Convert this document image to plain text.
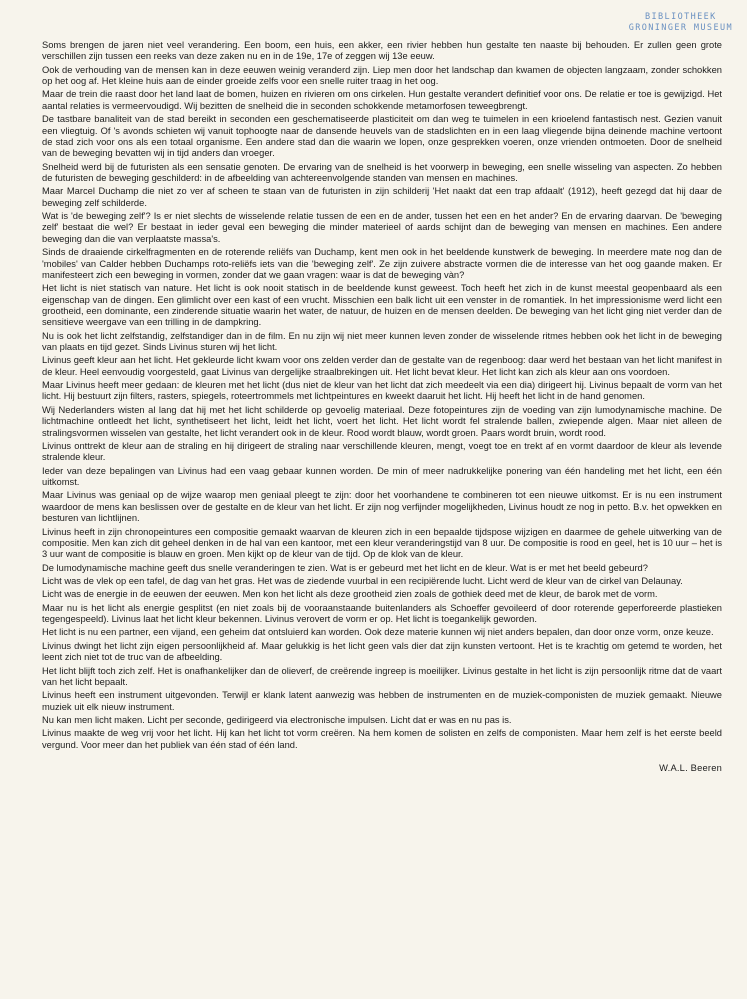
BIBLIOTHEEK
GRONINGER MUSEUM

Soms brengen de jaren niet veel verandering. Een boom, een huis, een akker, een rivier hebben hun gestalte ten naaste bij behouden. Er zullen geen grote verschillen zijn tussen een reeks van deze zaken nu en in de 19e, 17e of zeggen wij 13e eeuw.

Ook de verhouding van de mensen kan in deze eeuwen weinig veranderd zijn. Liep men door het landschap dan kwamen de objecten langzaam, zonder schokken op het oog af. Het kleine huis aan de einder groeide zelfs voor een snelle ruiter traag in het oog.

Maar de trein die raast door het land laat de bomen, huizen en rivieren om ons cirkelen. Hun gestalte verandert definitief voor ons. De relatie er toe is gewijzigd. Het aantal relaties is vermeervoudigd. Wij bezitten de snelheid die in seconden schokkende metamorfosen teweegbrengt.

De tastbare banaliteit van de stad bereikt in seconden een geschematiseerde plasticiteit om dan weg te tuimelen in een krioelend fantastisch nest. Gezien vanuit een vliegtuig. Of 's avonds schieten wij vanuit tophoogte naar de dansende heuvels van de stadslichten en in een laag vliegende bijna deinende machine vertoont de stad zich voor ons als een totaal organisme. Een andere stad dan die waarin we lopen, onze gesprekken voeren, onze vrienden ontmoeten. Door de snelheid van de beweging bevatten wij in tijd anders dan vroeger.

Snelheid werd bij de futuristen als een sensatie genoten. De ervaring van de snelheid is het voorwerp in beweging, een snelle wisseling van aspecten. Zo hebben de futuristen de beweging geschilderd: in de afbeelding van achtereenvolgende standen van mensen en machines.

Maar Marcel Duchamp die niet zo ver af scheen te staan van de futuristen in zijn schilderij 'Het naakt dat een trap afdaalt' (1912), heeft gezegd dat hij daar de beweging zelf schilderde.

Wat is 'de beweging zelf'? Is er niet slechts de wisselende relatie tussen de een en de ander, tussen het een en het ander? En de ervaring daarvan. De 'beweging zelf' bestaat die wel? Er bestaat in ieder geval een beweging die minder materieel of aards schijnt dan de beweging van mensen en machines. Een andere beweging dan die van verplaatste massa's.

Sinds de draaiende cirkelfragmenten en de roterende reliëfs van Duchamp, kent men ook in het beeldende kunstwerk de beweging. In meerdere mate nog dan de 'mobiles' van Calder hebben Duchamps roto-reliëfs iets van die 'beweging zelf'. Ze zijn zuivere abstracte vormen die de interesse van het oog gaande maken. Er manifesteert zich een beweging in vormen, zonder dat we gaan vragen: waar is dat de beweging vàn?

Het licht is niet statisch van nature. Het licht is ook nooit statisch in de beeldende kunst geweest. Toch heeft het zich in de kunst meestal geopenbaard als een eigenschap van de dingen. Een glimlicht over een kast of een vrucht. Misschien een balk licht uit een venster in de romantiek. In het impressionisme werd licht een grootheid, een dominante, een zinderende situatie waarin het water, de natuur, de huizen en de mensen deelden. De beweging van het licht ging niet verder dan de sensitieve weergave van een trilling in de dampkring.

Nu is ook het licht zelfstandig, zelfstandiger dan in de film. En nu zijn wij niet meer kunnen leven zonder de wisselende ritmes hebben ook het licht in de beweging van plaats en tijd gezet. Sinds Livinus sturen wij het licht.

Livinus geeft kleur aan het licht. Het gekleurde licht kwam voor ons zelden verder dan de gestalte van de regenboog: daar werd het bestaan van het licht manifest in de kleur. Heel eenvoudig voorgesteld, gaat Livinus van dergelijke straalbrekingen uit. Het licht bevat kleur. Het licht kan zich als kleur aan ons voordoen.

Maar Livinus heeft meer gedaan: de kleuren met het licht (dus niet de kleur van het licht dat zich meedeelt via een dia) dirigeert hij. Livinus bepaalt de vorm van het licht. Hij bestuurt zijn filters, rasters, spiegels, roteertrommels met lichtpeintures en kweekt daaruit het licht. Hij heeft het licht in de hand genomen.

Wij Nederlanders wisten al lang dat hij met het licht schilderde op gevoelig materiaal. Deze fotopeintures zijn de voeding van zijn lumodynamische machine. De lichtmachine ontleedt het licht, synthetiseert het licht, leidt het licht, voert het licht. Het licht wordt fel stralende ballen, zwiepende algen. Maar niet alleen de stralingsvormen wisselen van gestalte, het licht verandert ook in de kleur. Rood wordt blauw, wordt groen. Paars wordt bruin, wordt rood.

Livinus onttrekt de kleur aan de straling en hij dirigeert de straling naar verschillende kleuren, mengt, voegt toe en trekt af en vormt daardoor de kleur als levende stralende kleur.

Ieder van deze bepalingen van Livinus had een vaag gebaar kunnen worden. De min of meer nadrukkelijke ponering van één handeling met het licht, een één uitkomst.

Maar Livinus was geniaal op de wijze waarop men geniaal pleegt te zijn: door het voorhandene te combineren tot een nieuwe uitkomst. Er is nu een instrument waardoor de mens kan beslissen over de gestalte en de kleur van het licht. Er zijn nog verfijnder mogelijkheden, Livinus houdt ze nog in petto. B.v. het opwekken en besturen van lichtlijnen.

Livinus heeft in zijn chronopeintures een compositie gemaakt waarvan de kleuren zich in een bepaalde tijdspose wijzigen en daarmee de gehele uitwerking van de compositie. Men kan zich dit geheel denken in de hal van een kantoor, met een kleur veranderingstijd van 8 uur. De compositie is rood en geel, het is 10 uur – het is 3 uur want de compositie is blauw en groen. Men kijkt op de kleur van de tijd. Op de klok van de kleur.

De lumodynamische machine geeft dus snelle veranderingen te zien. Wat is er gebeurd met het licht en de kleur. Wat is er met het beeld gebeurd?

Licht was de vlek op een tafel, de dag van het gras. Het was de ziedende vuurbal in een recipiërende lucht. Licht werd de kleur van de cirkel van Delaunay.

Licht was de energie in de eeuwen der eeuwen. Men kon het licht als deze grootheid zien zoals de gothiek deed met de kleur, de barok met de vorm.

Maar nu is het licht als energie gesplitst (en niet zoals bij de vooraanstaande buitenlanders als Schoeffer gevoileerd of door roterende geperforeerde plastieken tegengespeeld). Livinus laat het licht kleur bekennen. Livinus verovert de vorm er op. Het licht is toegankelijk geworden.

Het licht is nu een partner, een vijand, een geheim dat ontsluierd kan worden. Ook deze materie kunnen wij niet anders bepalen, dan door onze vorm, onze keuze.

Livinus dwingt het licht zijn eigen persoonlijkheid af. Maar gelukkig is het licht geen vals dier dat zijn kunsten vertoont. Het is te krachtig om getemd te worden, het leent zich niet tot de truc van de afbeelding.

Het licht blijft toch zich zelf. Het is onafhankelijker dan de olieverf, de creërende ingreep is moeilijker. Livinus gestalte in het licht is zijn persoonlijk ritme dat de vaart van het licht bepaalt.

Livinus heeft een instrument uitgevonden. Terwijl er klank latent aanwezig was hebben de instrumenten en de muziek-componisten de muziek gemaakt. Nieuwe muziek uit elk nieuw instrument.

Nu kan men licht maken. Licht per seconde, gedirigeerd via electronische impulsen. Licht dat er was en nu pas is.

Livinus maakte de weg vrij voor het licht. Hij kan het licht tot vorm creëren. Na hem komen de solisten en zelfs de componisten. Maar hem zelf is het eerste beeld vergund. Voor meer dan het publiek van één stad of één land.

W.A.L. Beeren
